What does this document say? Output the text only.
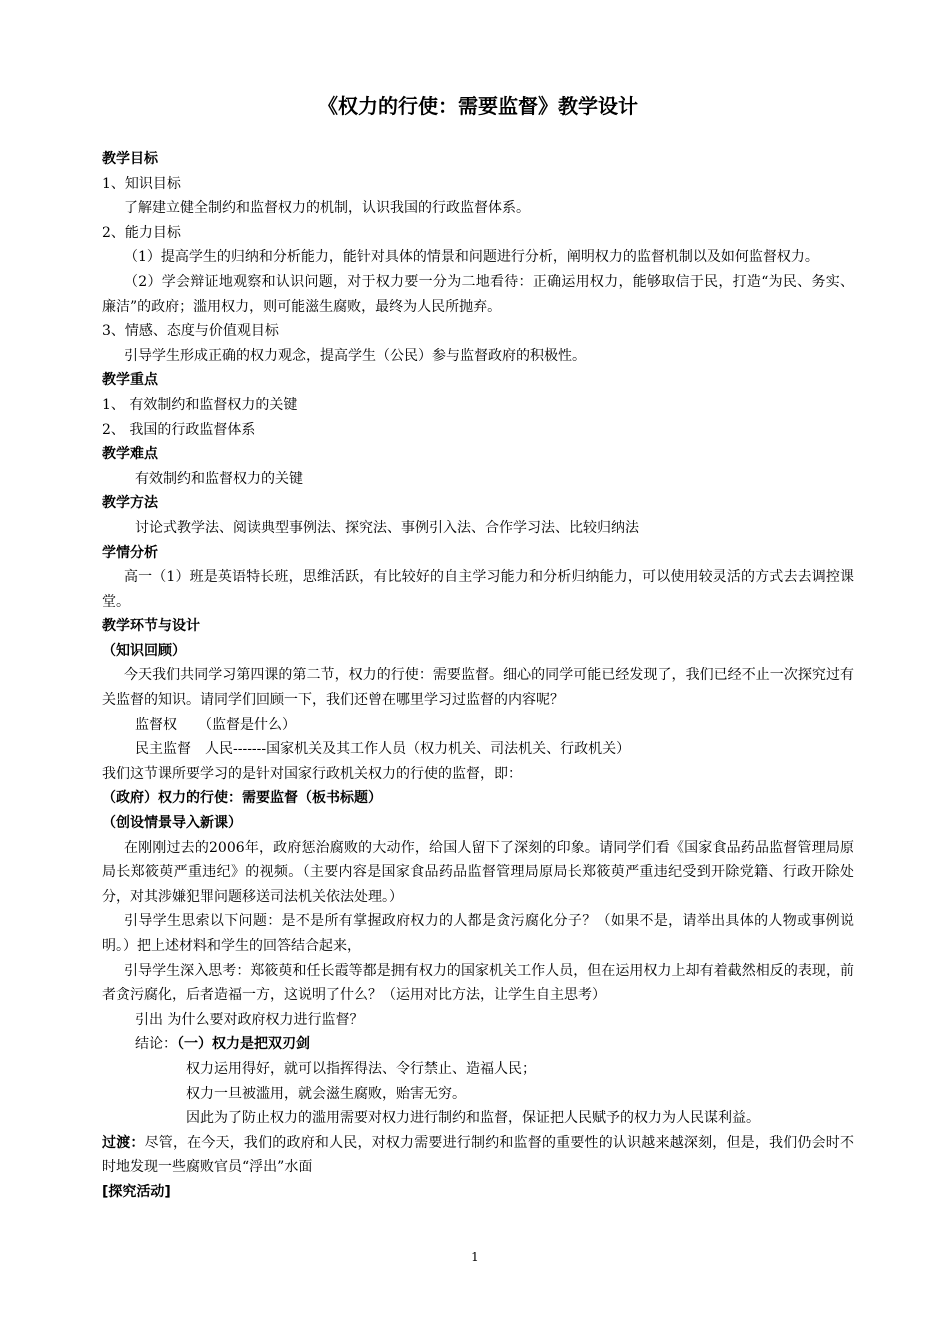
《权力的行使：需要监督》教学设计

教学目标

1、知识目标

了解建立健全制约和监督权力的机制，认识我国的行政监督体系。

2、能力目标

（1）提高学生的归纳和分析能力，能针对具体的情景和问题进行分析，阐明权力的监督机制以及如何监督权力。

（2）学会辩证地观察和认识问题，对于权力要一分为二地看待：正确运用权力，能够取信于民，打造“为民、务实、廉洁”的政府；滥用权力，则可能滋生腐败，最终为人民所抛弃。

3、情感、态度与价值观目标

引导学生形成正确的权力观念，提高学生（公民）参与监督政府的积极性。

教学重点

1、 有效制约和监督权力的关键

2、 我国的行政监督体系

教学难点

有效制约和监督权力的关键

教学方法

讨论式教学法、阅读典型事例法、探究法、事例引入法、合作学习法、比较归纳法

学情分析

高一（1）班是英语特长班，思维活跃，有比较好的自主学习能力和分析归纳能力，可以使用较灵活的方式去去调控课堂。

教学环节与设计

（知识回顾）

今天我们共同学习第四课的第二节，权力的行使：需要监督。细心的同学可能已经发现了，我们已经不止一次探究过有关监督的知识。请同学们回顾一下，我们还曾在哪里学习过监督的内容呢？

监督权　　（监督是什么）

民主监督　人民-------国家机关及其工作人员（权力机关、司法机关、行政机关）

我们这节课所要学习的是针对国家行政机关权力的行使的监督，即：

（政府）权力的行使：需要监督（板书标题）

（创设情景导入新课）

在刚刚过去的2006年，政府惩治腐败的大动作，给国人留下了深刻的印象。请同学们看《国家食品药品监督管理局原局长郑筱萸严重违纪》的视频。（主要内容是国家食品药品监督管理局原局长郑筱萸严重违纪受到开除党籍、行政开除处分，对其涉嫌犯罪问题移送司法机关依法处理。）

引导学生思索以下问题：是不是所有掌握政府权力的人都是贪污腐化分子？（如果不是，请举出具体的人物或事例说明。）把上述材料和学生的回答结合起来，

引导学生深入思考：郑筱萸和任长霞等都是拥有权力的国家机关工作人员，但在运用权力上却有着截然相反的表现，前者贪污腐化，后者造福一方，这说明了什么？（运用对比方法，让学生自主思考）

引出 为什么要对政府权力进行监督？

结论：（一）权力是把双刃剑

权力运用得好，就可以指挥得法、令行禁止、造福人民；

权力一旦被滥用，就会滋生腐败，贻害无穷。

因此为了防止权力的滥用需要对权力进行制约和监督，保证把人民赋予的权力为人民谋利益。

过渡：尽管，在今天，我们的政府和人民，对权力需要进行制约和监督的重要性的认识越来越深刻，但是，我们仍会时不时地发现一些腐败官员“浮出”水面

[探究活动]

1
